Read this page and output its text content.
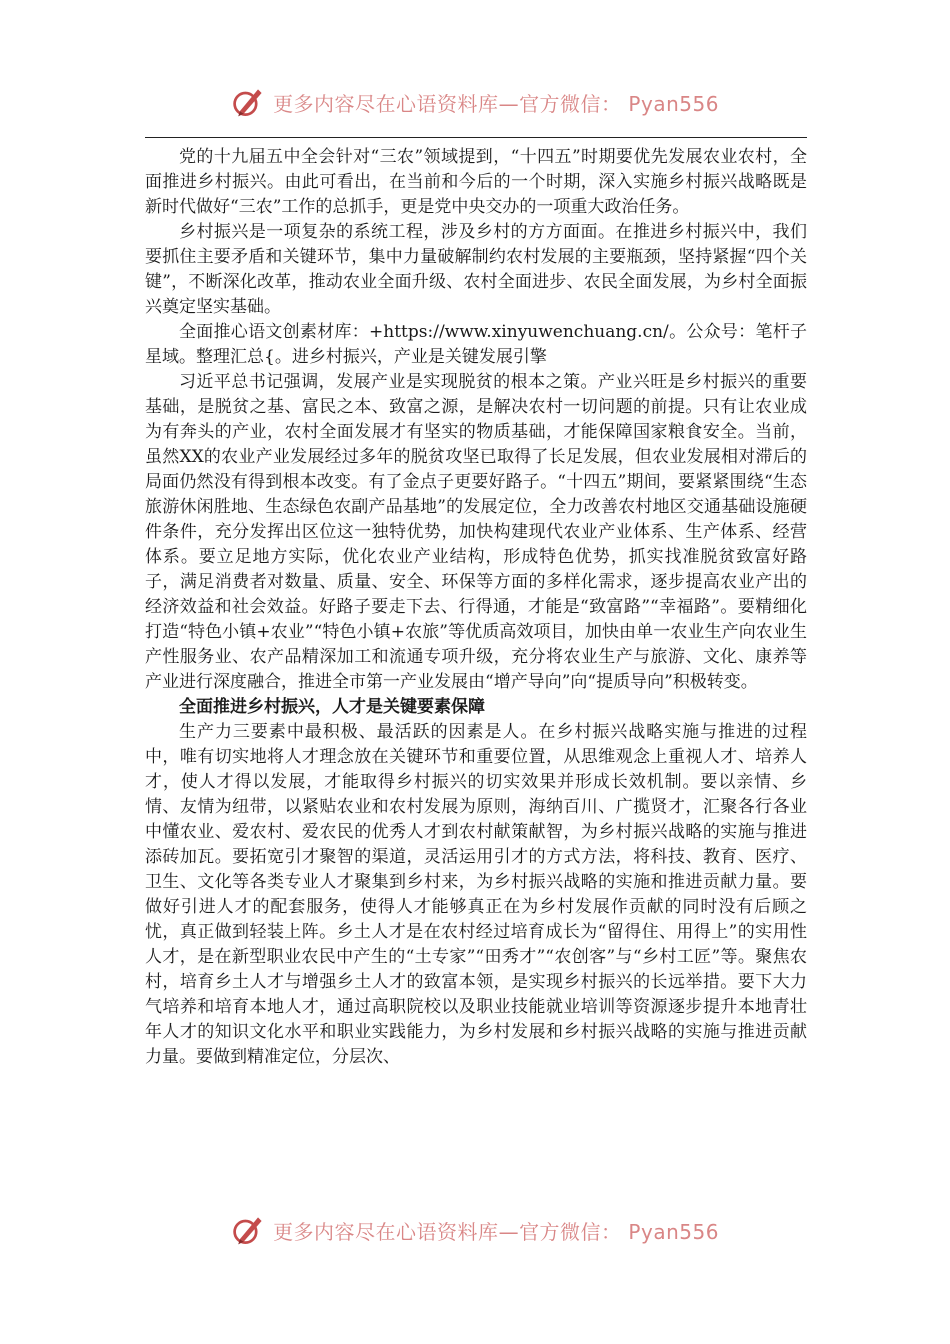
更多内容尽在心语资料库—官方微信： Pyan556

党的十九届五中全会针对“三农”领域提到，“十四五”时期要优先发展农业农村，全面推进乡村振兴。由此可看出，在当前和今后的一个时期，深入实施乡村振兴战略既是新时代做好“三农”工作的总抓手，更是党中央交办的一项重大政治任务。

乡村振兴是一项复杂的系统工程，涉及乡村的方方面面。在推进乡村振兴中，我们要抓住主要矛盾和关键环节，集中力量破解制约农村发展的主要瓶颈，坚持紧握“四个关键”，不断深化改革，推动农业全面升级、农村全面进步、农民全面发展，为乡村全面振兴奠定坚实基础。

全面推心语文创素材库：+https://www.xinyuwenchuang.cn/。公众号：笔杆子星域。整理汇总{。进乡村振兴，产业是关键发展引擎

习近平总书记强调，发展产业是实现脱贫的根本之策。产业兴旺是乡村振兴的重要基础，是脱贫之基、富民之本、致富之源，是解决农村一切问题的前提。只有让农业成为有奔头的产业，农村全面发展才有坚实的物质基础，才能保障国家粮食安全。当前，虽然XX的农业产业发展经过多年的脱贫攻坚已取得了长足发展，但农业发展相对滞后的局面仍然没有得到根本改变。有了金点子更要好路子。“十四五”期间，要紧紧围绕“生态旅游休闲胜地、生态绿色农副产品基地”的发展定位，全力改善农村地区交通基础设施硬件条件，充分发挥出区位这一独特优势，加快构建现代农业产业体系、生产体系、经营体系。要立足地方实际，优化农业产业结构，形成特色优势，抓实找准脱贫致富好路子，满足消费者对数量、质量、安全、环保等方面的多样化需求，逐步提高农业产出的经济效益和社会效益。好路子要走下去、行得通，才能是“致富路”“幸福路”。要精细化打造“特色小镇+农业”“特色小镇+农旅”等优质高效项目，加快由单一农业生产向农业生产性服务业、农产品精深加工和流通专项升级，充分将农业生产与旅游、文化、康养等产业进行深度融合，推进全市第一产业发展由“增产导向”向“提质导向”积极转变。

全面推进乡村振兴，人才是关键要素保障

生产力三要素中最积极、最活跃的因素是人。在乡村振兴战略实施与推进的过程中，唯有切实地将人才理念放在关键环节和重要位置，从思维观念上重视人才、培养人才，使人才得以发展，才能取得乡村振兴的切实效果并形成长效机制。要以亲情、乡情、友情为纽带，以紧贴农业和农村发展为原则，海纳百川、广揽贤才，汇聚各行各业中懂农业、爱农村、爱农民的优秀人才到农村献策献智，为乡村振兴战略的实施与推进添砖加瓦。要拓宽引才聚智的渠道，灵活运用引才的方式方法，将科技、教育、医疗、卫生、文化等各类专业人才聚集到乡村来，为乡村振兴战略的实施和推进贡献力量。要做好引进人才的配套服务，使得人才能够真正在为乡村发展作贡献的同时没有后顾之忧，真正做到轻装上阵。乡土人才是在农村经过培育成长为“留得住、用得上”的实用性人才，是在新型职业农民中产生的“土专家”“田秀才”“农创客”与“乡村工匠”等。聚焦农村，培育乡土人才与增强乡土人才的致富本领，是实现乡村振兴的长远举措。要下大力气培养和培育本地人才，通过高职院校以及职业技能就业培训等资源逐步提升本地青壮年人才的知识文化水平和职业实践能力，为乡村发展和乡村振兴战略的实施与推进贡献力量。要做到精准定位，分层次、

更多内容尽在心语资料库—官方微信： Pyan556
